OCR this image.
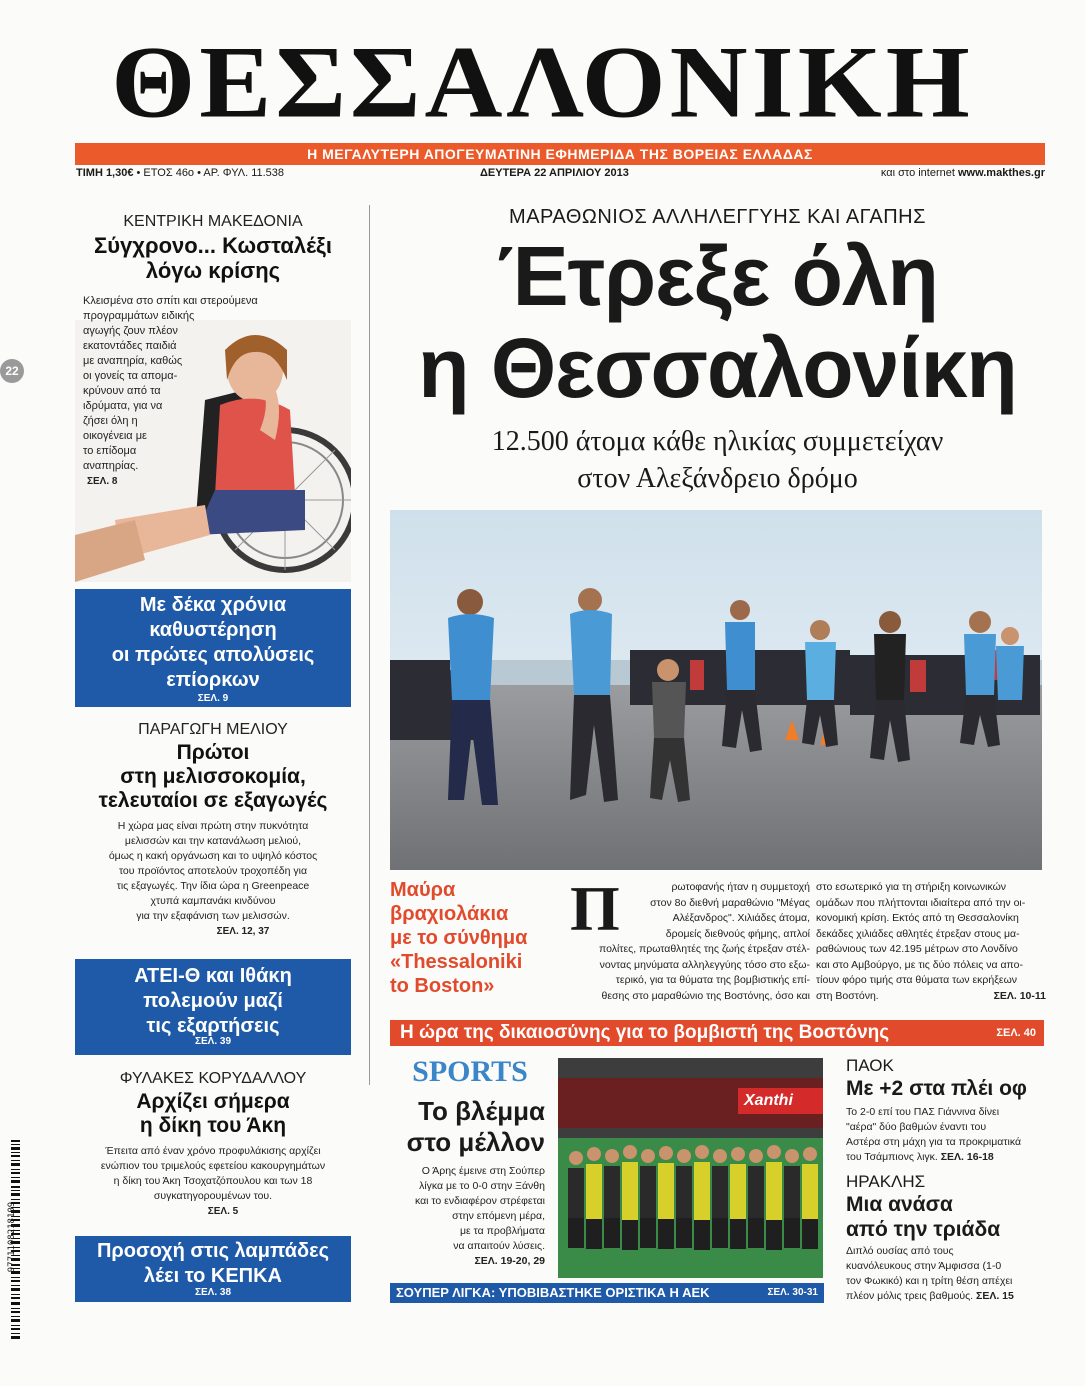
ΘΕΣΣΑΛΟΝΙΚΗ
Η ΜΕΓΑΛΥΤΕΡΗ ΑΠΟΓΕΥΜΑΤΙΝΗ ΕΦΗΜΕΡΙΔΑ ΤΗΣ ΒΟΡΕΙΑΣ ΕΛΛΑΔΑΣ
ΤΙΜΗ 1,30€ • ΕΤΟΣ 46ο • ΑΡ. ΦΥΛ. 11.538	ΔΕΥΤΕΡΑ 22 ΑΠΡΙΛΙΟΥ 2013	και στο internet www.makthes.gr
22
9771108218109
ΚΕΝΤΡΙΚΗ ΜΑΚΕΔΟΝΙΑ
Σύγχρονο... Κωσταλέξι
λόγω κρίσης
Κλεισμένα στο σπίτι και στερούμενα
προγραμμάτων ειδικής
αγωγής ζουν πλέον
εκατοντάδες παιδιά
με αναπηρία, καθώς
οι γονείς τα απομα-
κρύνουν από τα
ιδρύματα, για να
ζήσει όλη η
οικογένεια με
το επίδομα
αναπηρίας.
ΣΕΛ. 8
Με δέκα χρόνια
καθυστέρηση
οι πρώτες απολύσεις
επίορκων
ΣΕΛ. 9
ΠΑΡΑΓΩΓΗ ΜΕΛΙΟΥ
Πρώτοι
στη μελισσοκομία,
τελευταίοι σε εξαγωγές
Η χώρα μας είναι πρώτη στην πυκνότητα
μελισσών και την κατανάλωση μελιού,
όμως η κακή οργάνωση και το υψηλό κόστος
του προϊόντος αποτελούν τροχοπέδη για
τις εξαγωγές. Την ίδια ώρα η Greenpeace
χτυπά καμπανάκι κινδύνου
για την εξαφάνιση των μελισσών.
ΣΕΛ. 12, 37
ΑΤΕΙ-Θ και Ιθάκη
πολεμούν μαζί
τις εξαρτήσεις
ΣΕΛ. 39
ΦΥΛΑΚΕΣ ΚΟΡΥΔΑΛΛΟΥ
Αρχίζει σήμερα
η δίκη του Άκη
Έπειτα από έναν χρόνο προφυλάκισης αρχίζει
ενώπιον του τριμελούς εφετείου κακουργημάτων
η δίκη του Άκη Τσοχατζόπουλου και των 18
συγκατηγορουμένων του.
ΣΕΛ. 5
Προσοχή στις λαμπάδες
λέει το ΚΕΠΚΑ
ΣΕΛ. 38
ΜΑΡΑΘΩΝΙΟΣ ΑΛΛΗΛΕΓΓΥΗΣ ΚΑΙ ΑΓΑΠΗΣ
Έτρεξε όλη
η Θεσσαλονίκη
12.500 άτομα κάθε ηλικίας συμμετείχαν
στον Αλεξάνδρειο δρόμο
Μαύρα
βραχιολάκια
με το σύνθημα
«Thessaloniki
to Boston»
Π	ρωτοφανής ήταν η συμμετοχή
στον 8ο διεθνή μαραθώνιο "Μέγας
Αλέξανδρος". Χιλιάδες άτομα,
δρομείς διεθνούς φήμης, απλοί
πολίτες, πρωταθλητές της ζωής έτρεξαν στέλ-
νοντας μηνύματα αλληλεγγύης τόσο στο εξω-
τερικό, για τα θύματα της βομβιστικής επί-
θεσης στο μαραθώνιο της Βοστόνης, όσο και
στο εσωτερικό για τη στήριξη κοινωνικών
ομάδων που πλήττονται ιδιαίτερα από την οι-
κονομική κρίση. Εκτός από τη Θεσσαλονίκη
δεκάδες χιλιάδες αθλητές έτρεξαν στους μα-
ραθώνιους των 42.195 μέτρων στο Λονδίνο
και στο Αμβούργο, με τις δύο πόλεις να απο-
τίουν φόρο τιμής στα θύματα των εκρήξεων
στη Βοστόνη.	ΣΕΛ. 10-11
Η ώρα της δικαιοσύνης για το βομβιστή της Βοστόνης	ΣΕΛ. 40
SPORTS
Το βλέμμα
στο μέλλον
Ο Άρης έμεινε στη Σούπερ
λίγκα με το 0-0 στην Ξάνθη
και το ενδιαφέρον στρέφεται
στην επόμενη μέρα,
με τα προβλήματα
να απαιτούν λύσεις.
ΣΕΛ. 19-20, 29
Xanthi
ΠΑΟΚ
Με +2 στα πλέι οφ
Το 2-0 επί του ΠΑΣ Γιάννινα δίνει
"αέρα" δύο βαθμών έναντι του
Αστέρα στη μάχη για τα προκριματικά
του Τσάμπιονς λιγκ. ΣΕΛ. 16-18
ΗΡΑΚΛΗΣ
Μια ανάσα
από την τριάδα
Διπλό ουσίας από τους
κυανόλευκους στην Άμφισσα (1-0
τον Φωκικό) και η τρίτη θέση απέχει
πλέον μόλις τρεις βαθμούς. ΣΕΛ. 15
ΣΟΥΠΕΡ ΛΙΓΚΑ: ΥΠΟΒΙΒΑΣΤΗΚΕ ΟΡΙΣΤΙΚΑ Η ΑΕΚ	ΣΕΛ. 30-31
